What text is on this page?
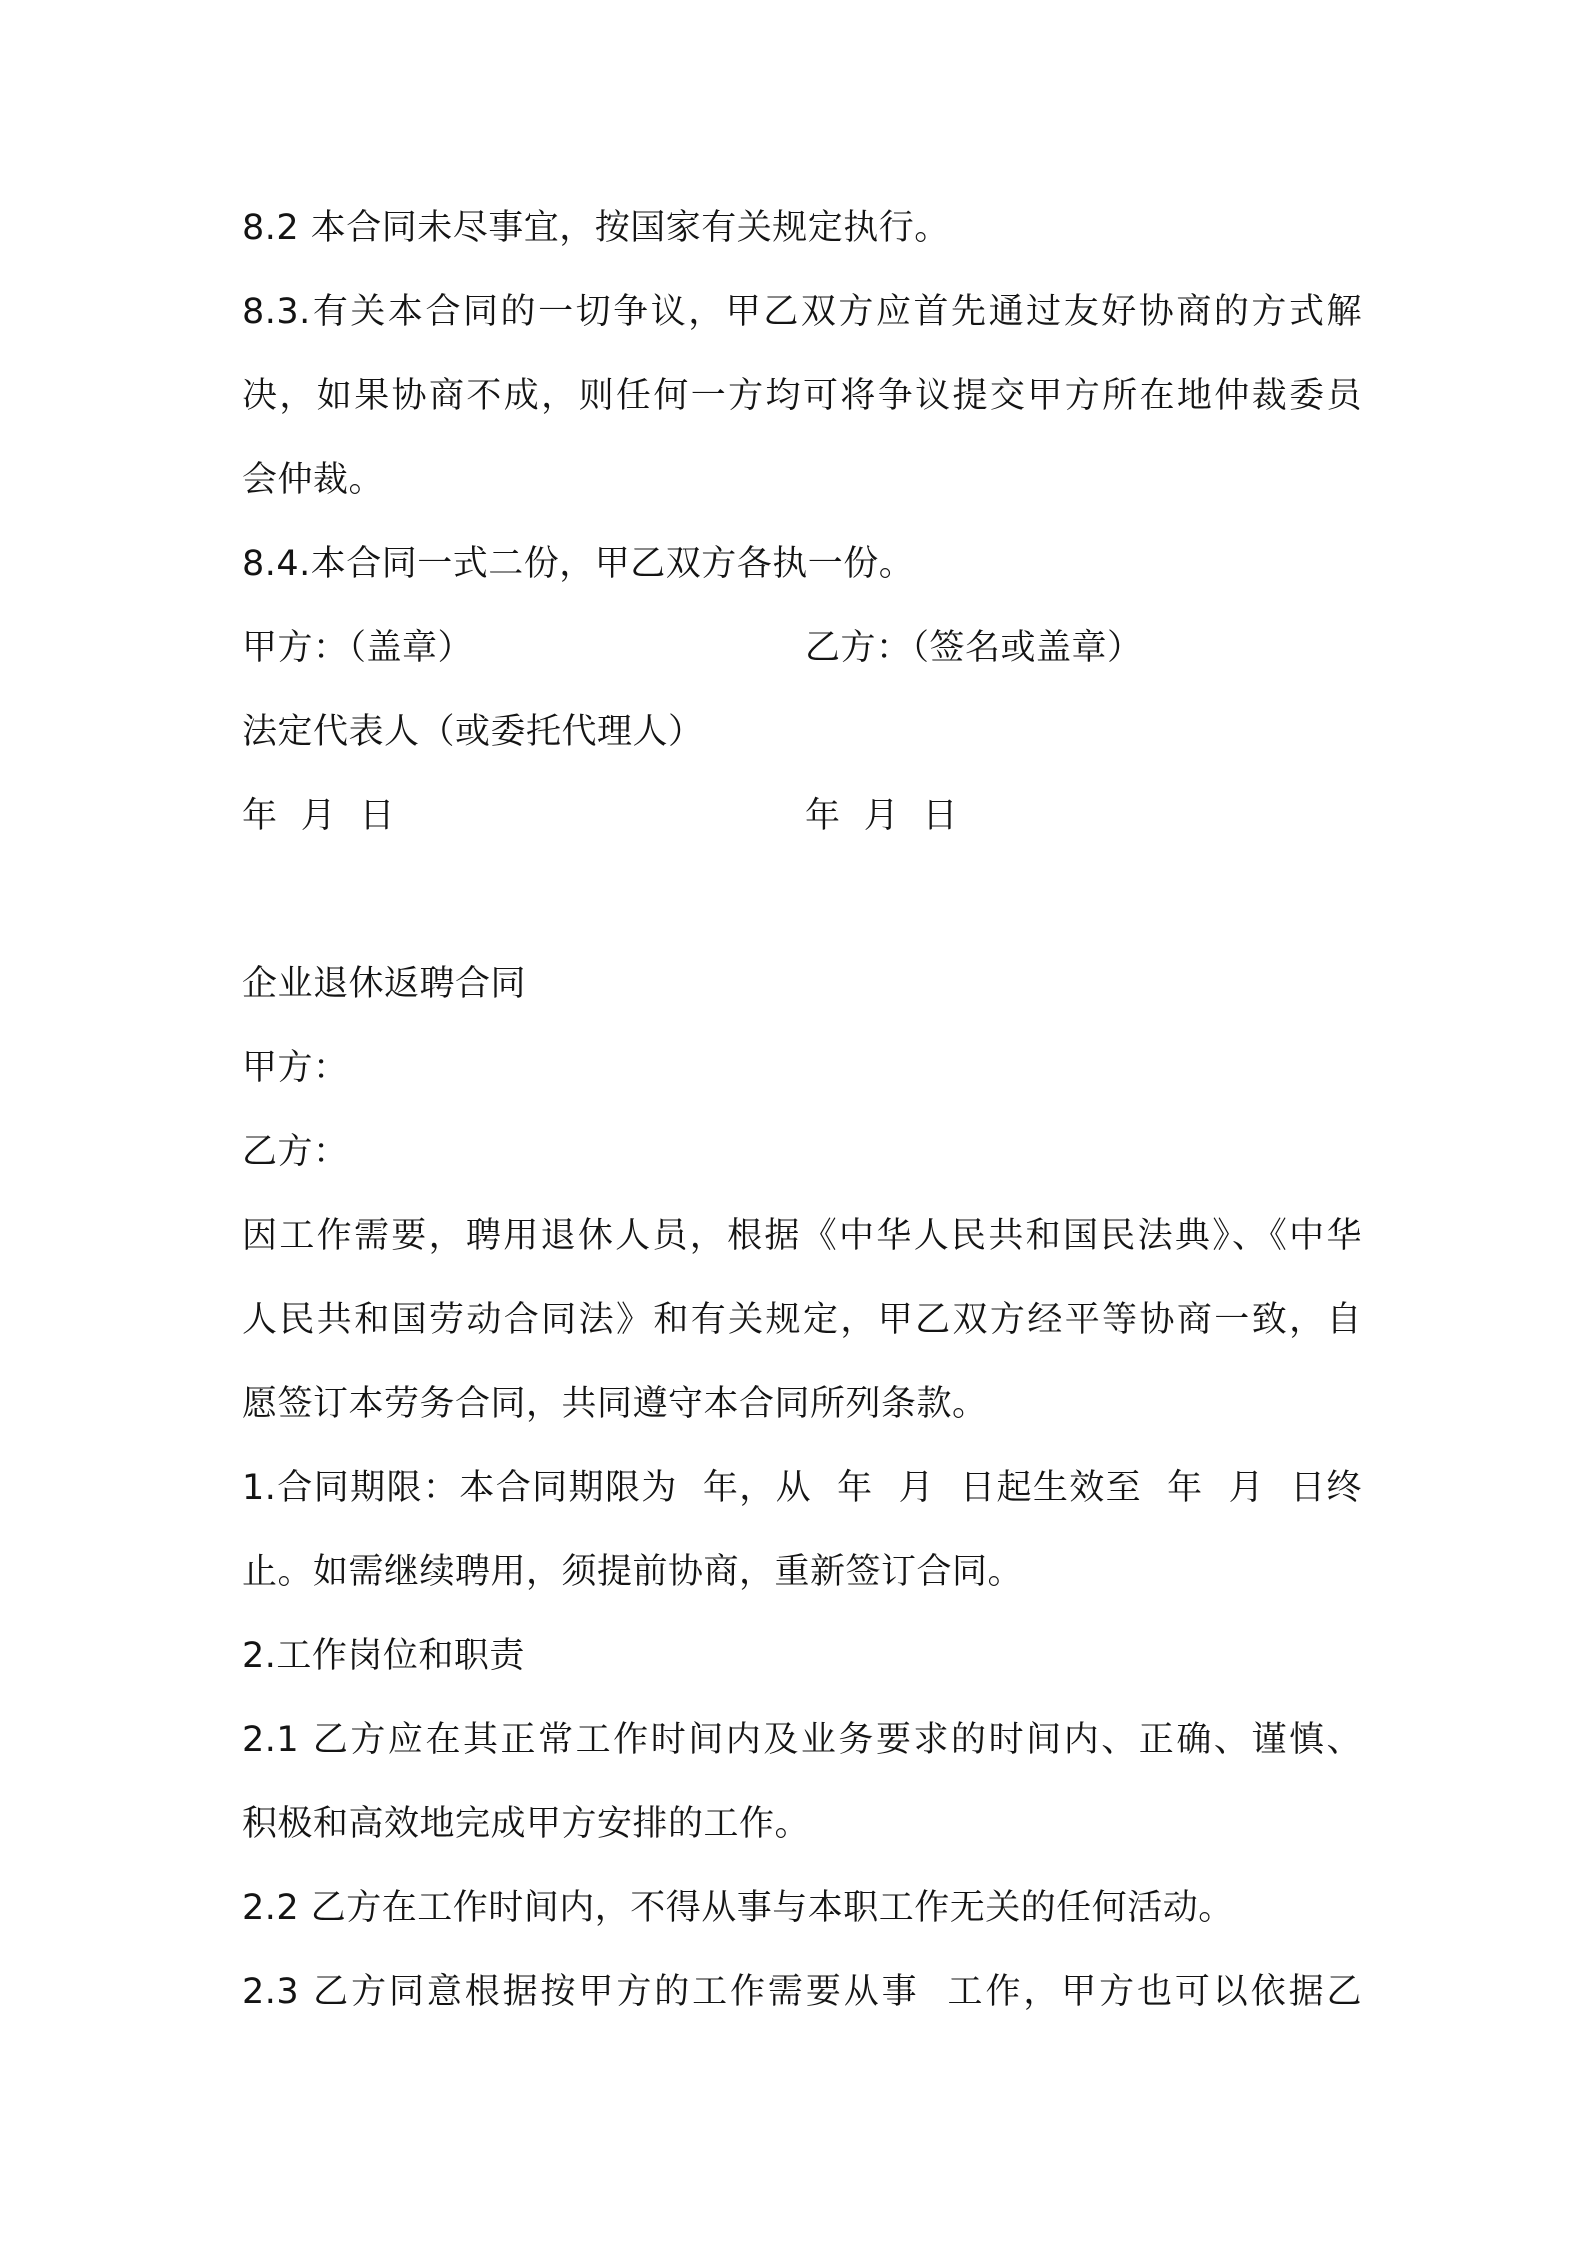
8.2 本合同未尽事宜，按国家有关规定执行。
8.3.有关本合同的一切争议，甲乙双方应首先通过友好协商的方式解
决，如果协商不成，则任何一方均可将争议提交甲方所在地仲裁委员
会仲裁。
8.4.本合同一式二份，甲乙双方各执一份。
甲方：（盖章）	乙方：（签名或盖章）
法定代表人（或委托代理人）
年  月  日	年  月  日
企业退休返聘合同
甲方：
乙方：
因工作需要，聘用退休人员，根据《中华人民共和国民法典》、《中华
人民共和国劳动合同法》和有关规定，甲乙双方经平等协商一致，自
愿签订本劳务合同，共同遵守本合同所列条款。
1.合同期限：本合同期限为  年，从  年  月  日起生效至  年  月  日终
止。如需继续聘用，须提前协商，重新签订合同。
2.工作岗位和职责
2.1 乙方应在其正常工作时间内及业务要求的时间内、正确、谨慎、
积极和高效地完成甲方安排的工作。
2.2 乙方在工作时间内，不得从事与本职工作无关的任何活动。
2.3 乙方同意根据按甲方的工作需要从事  工作，甲方也可以依据乙
